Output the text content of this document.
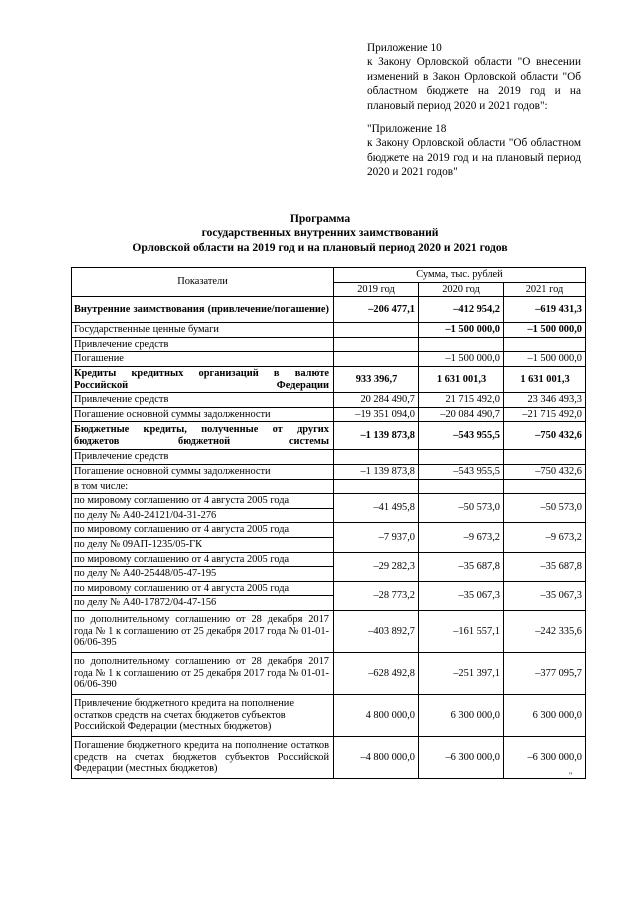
Приложение 10

к Закону Орловской области "О внесении изменений в Закон Орловской области "Об областном бюджете на 2019 год и на плановый период 2020 и 2021 годов":

"Приложение 18

к Закону Орловской области "Об областном бюджете на 2019 год и на плановый период 2020 и 2021 годов"

Программа
государственных внутренних заимствований
Орловской области на 2019 год и на плановый период 2020 и 2021 годов
Показатели	Сумма, тыс. рублей		
	2019 год	2020 год	2021 год
Внутренние заимствования (привлечение/погашение)	–206 477,1	–412 954,2	–619 431,3
Государственные ценные бумаги		–1 500 000,0	–1 500 000,0
Привлечение средств			
Погашение		–1 500 000,0	–1 500 000,0
Кредиты кредитных организаций в валюте Российской Федерации	933 396,7	1 631 001,3	1 631 001,3
Привлечение средств	20 284 490,7	21 715 492,0	23 346 493,3
Погашение основной суммы задолженности	–19 351 094,0	–20 084 490,7	–21 715 492,0
Бюджетные кредиты, полученные от других бюджетов бюджетной системы	–1 139 873,8	–543 955,5	–750 432,6
Привлечение средств			
Погашение основной суммы задолженности	–1 139 873,8	–543 955,5	–750 432,6
в том числе:			
по мировому соглашению от 4 августа 2005 года	–41 495,8	–50 573,0	–50 573,0
по делу № А40-24121/04-31-276			
по мировому соглашению от 4 августа 2005 года	–7 937,0	–9 673,2	–9 673,2
по делу № 09АП-1235/05-ГК			
по мировому соглашению от 4 августа 2005 года	–29 282,3	–35 687,8	–35 687,8
по делу № А40-25448/05-47-195			
по мировому соглашению от 4 августа 2005 года	–28 773,2	–35 067,3	–35 067,3
по делу № А40-17872/04-47-156			
по дополнительному соглашению от 28 декабря 2017 года № 1 к соглашению от 25 декабря 2017 года № 01-01-06/06-395	–403 892,7	–161 557,1	–242 335,6
по дополнительному соглашению от 28 декабря 2017 года № 1 к соглашению от 25 декабря 2017 года № 01-01-06/06-390	–628 492,8	–251 397,1	–377 095,7
Привлечение бюджетного кредита на пополнение остатков средств на счетах бюджетов субъектов Российской Федерации (местных бюджетов)	4 800 000,0	6 300 000,0	6 300 000,0
Погашение бюджетного кредита на пополнение остатков средств на счетах бюджетов субъектов Российской Федерации (местных бюджетов)	–4 800 000,0	–6 300 000,0	–6 300 000,0
"
